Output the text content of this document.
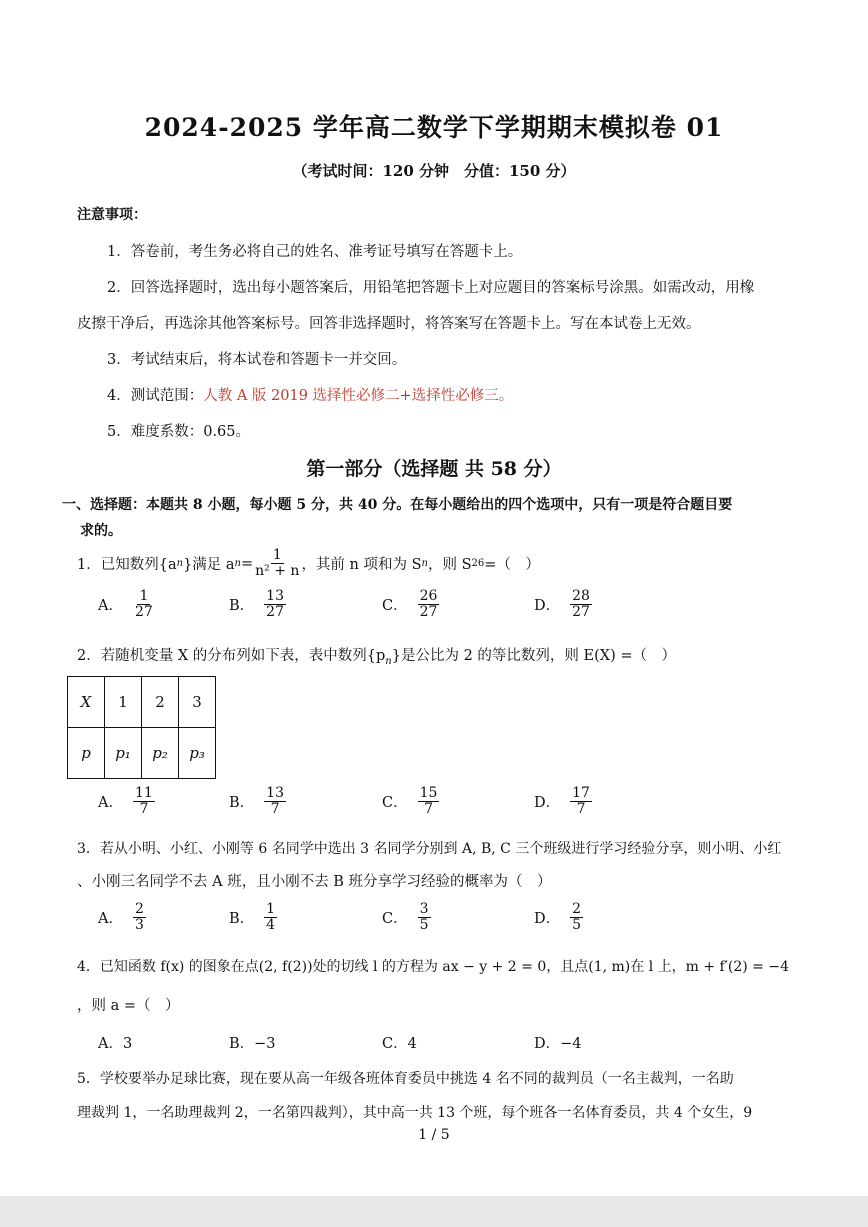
2024-2025 学年高二数学下学期期末模拟卷 01
（考试时间：120 分钟　分值：150 分）
注意事项：
1．答卷前，考生务必将自己的姓名、准考证号填写在答题卡上。
2．回答选择题时，选出每小题答案后，用铅笔把答题卡上对应题目的答案标号涂黑。如需改动，用橡
皮擦干净后，再选涂其他答案标号。回答非选择题时，将答案写在答题卡上。写在本试卷上无效。
3．考试结束后，将本试卷和答题卡一并交回。
4．测试范围：人教 A 版 2019 选择性必修二+选择性必修三。
5．难度系数：0.65。
第一部分（选择题 共 58 分）
一、选择题：本题共 8 小题，每小题 5 分，共 40 分。在每小题给出的四个选项中，只有一项是符合题目要
求的。
1．已知数列{a n }满足 a $n = \frac{1}{\text{n² + n}}$ ，其前 n 项和为 S n ，则 S 26 =（　）
A． $\frac{1}{27}$	B． $\frac{13}{27}$	C． $\frac{26}{27}$	D． $\frac{28}{27}$
2．若随机变量 X 的分布列如下表，表中数列$\{p_n\}$是公比为 2 的等比数列，则 E(X) =（　）
X	1	2	3
p	p₁	p₂	p₃
A． $\frac{11}{7}$	B． $\frac{13}{7}$	C． $\frac{15}{7}$	D． $\frac{17}{7}$
3．若从小明、小红、小刚等 6 名同学中选出 3 名同学分别到 A, B, C 三个班级进行学习经验分享，则小明、小红
、小刚三名同学不去 A 班，且小刚不去 B 班分享学习经验的概率为（　）
A． $\frac{2}{3}$	B． $\frac{1}{4}$	C． $\frac{3}{5}$	D． $\frac{2}{5}$
4．已知函数 f(x) 的图象在点(2, f(2))处的切线 l 的方程为 ax − y + 2 = 0，且点(1, m)在 l 上，m + f′(2) = −4
，则 a =（　）
A．3	B．−3	C．4	D．−4
5．学校要举办足球比赛，现在要从高一年级各班体育委员中挑选 4 名不同的裁判员（一名主裁判，一名助
理裁判 1，一名助理裁判 2，一名第四裁判），其中高一共 13 个班，每个班各一名体育委员，共 4 个女生，9
1 / 5
